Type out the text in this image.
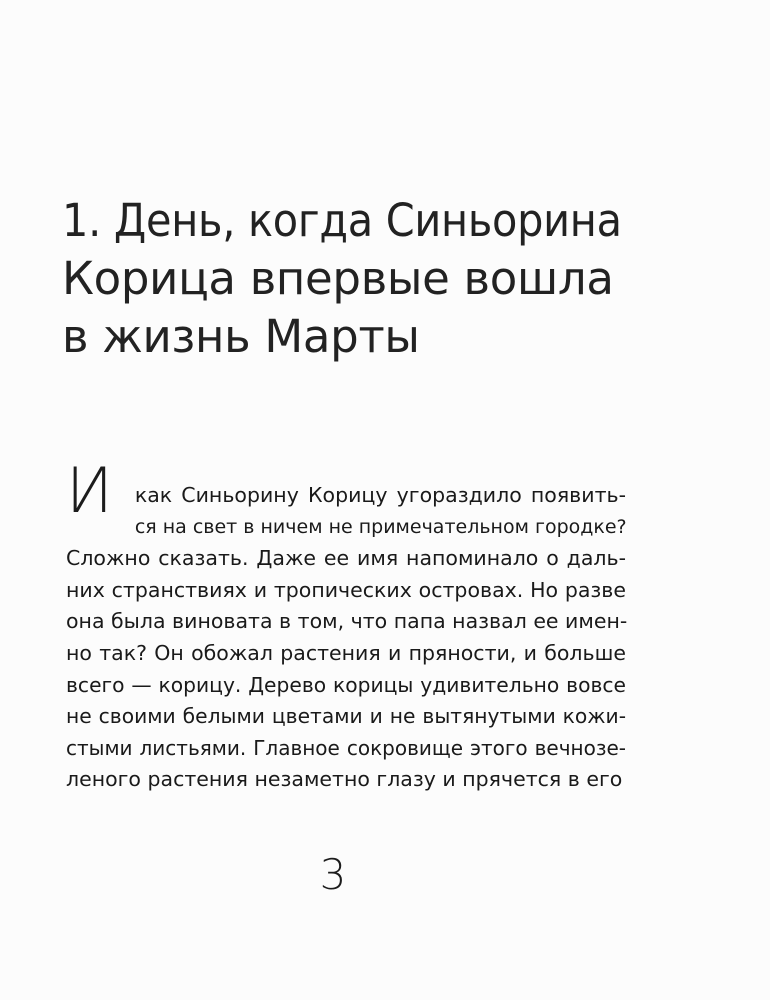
1. День, когда Синьорина
Корица впервые вошла
в жизнь Марты
И	как Синьорину Корицу угораздило появить-
ся на свет в ничем не примечательном городке?
Сложно сказать. Даже ее имя напоминало о даль-
них странствиях и тропических островах. Но разве
она была виновата в том, что папа назвал ее имен-
но так? Он обожал растения и пряности, и больше
всего — корицу. Дерево корицы удивительно вовсе
не своими белыми цветами и не вытянутыми кожи-
стыми листьями. Главное сокровище этого вечнозе-
леного растения незаметно глазу и прячется в его
3
